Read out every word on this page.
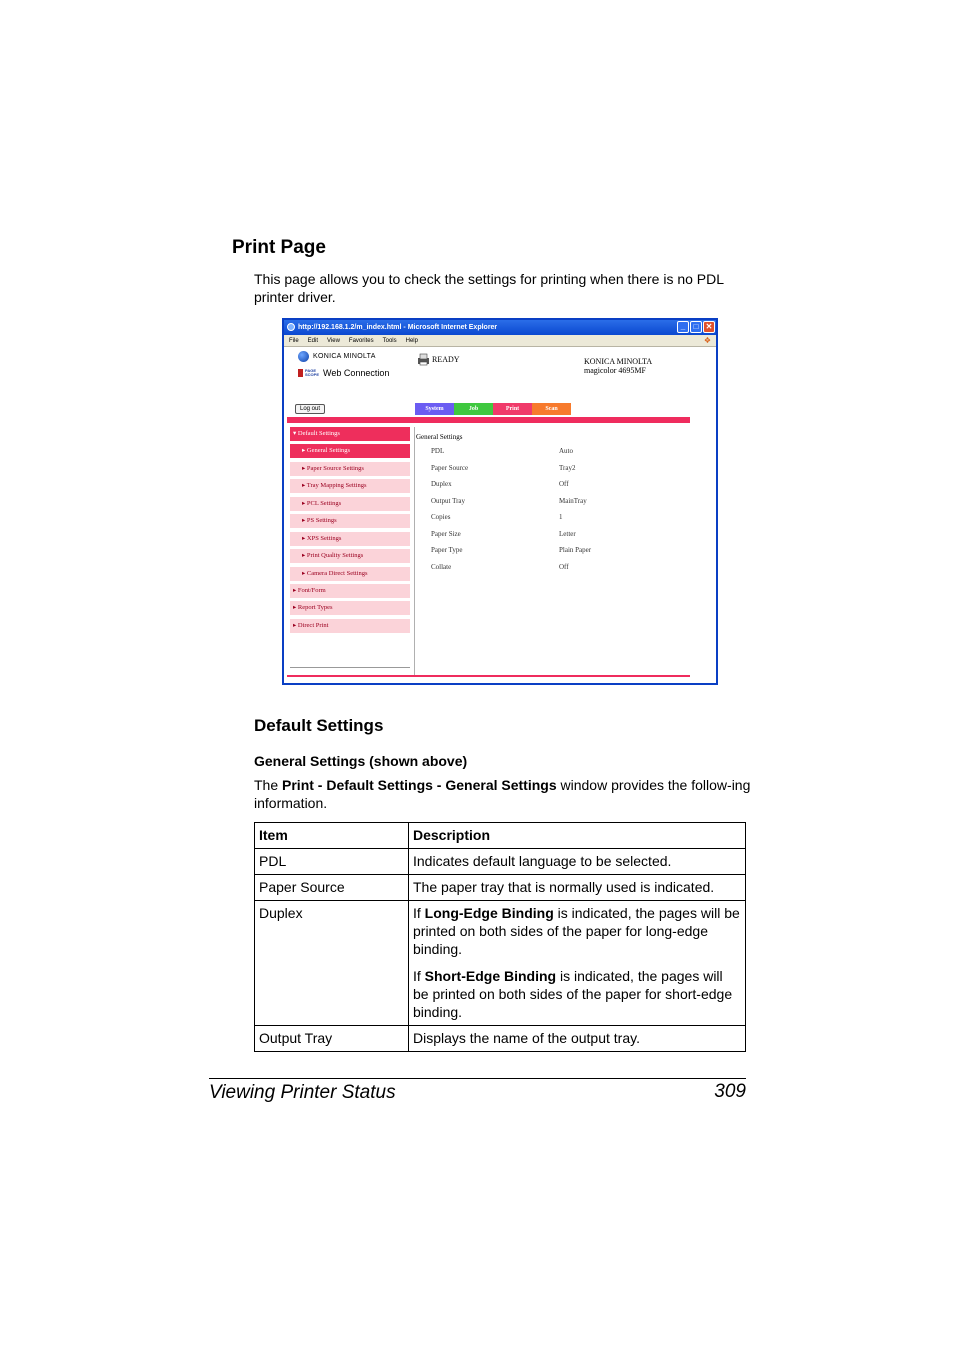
Print Page
This page allows you to check the settings for printing when there is no PDL printer driver.
http://192.168.1.2/m_index.html - Microsoft Internet Explorer	_	□ ✕
File Edit View Favorites Tools Help	❖
KONICA MINOLTA
PAGE
SCOPE Web Connection
READY	KONICA MINOLTA
magicolor 4695MF
Log out	System	Job	Print	Scan
▾ Default Settings
▸ General Settings
▸ Paper Source Settings
▸ Tray Mapping Settings
▸ PCL Settings
▸ PS Settings
▸ XPS Settings
▸ Print Quality Settings
▸ Camera Direct Settings
▸ Font/Form
▸ Report Types
▸ Direct Print
General Settings
PDL	Auto
Paper Source	Tray2
Duplex	Off
Output Tray	MainTray
Copies	1
Paper Size	Letter
Paper Type	Plain Paper
Collate	Off
Default Settings
General Settings (shown above)
The Print - Default Settings - General Settings window provides the follow-ing information.
Item	Description
PDL	Indicates default language to be selected.
Paper Source	The paper tray that is normally used is indicated.
Duplex	If Long-Edge Binding is indicated, the pages will be printed on both sides of the paper for long-edge binding.

If Short-Edge Binding is indicated, the pages will be printed on both sides of the paper for short-edge binding.

Output Tray	Displays the name of the output tray.
Viewing Printer Status	309
